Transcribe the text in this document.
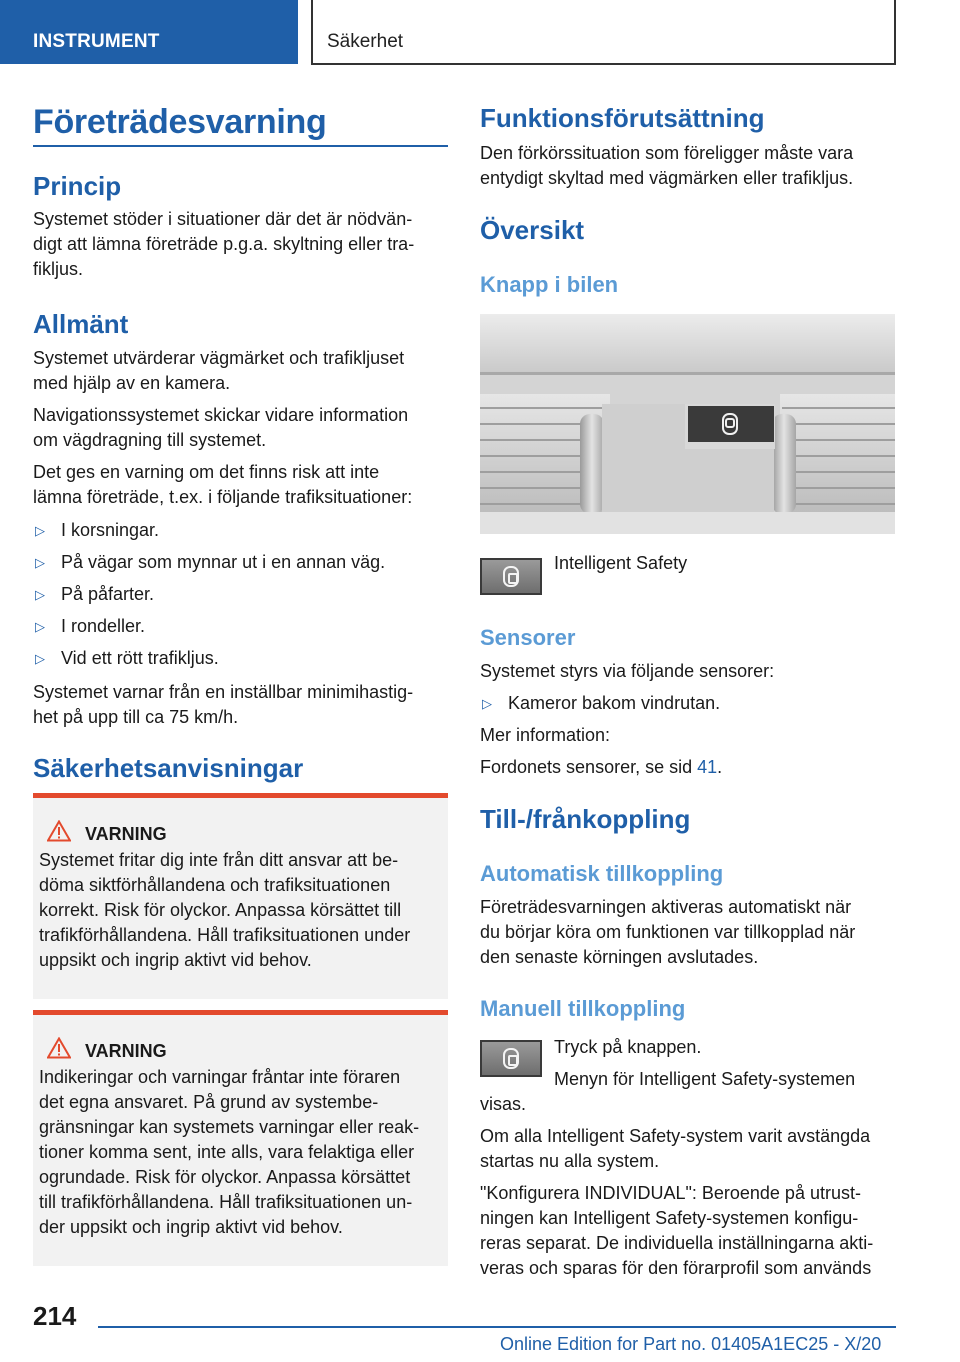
INSTRUMENT	Säkerhet
Företrädesvarning
Princip

Systemet stöder i situationer där det är nödvän‐

digt att lämna företräde p.g.a. skyltning eller tra‐

fikljus.

Allmänt

Systemet utvärderar vägmärket och trafikljuset

med hjälp av en kamera.

Navigationssystemet skickar vidare information

om vägdragning till systemet.

Det ges en varning om det finns risk att inte

lämna företräde, t.ex. i följande trafiksituationer:

▷ I korsningar.
▷ På vägar som mynnar ut i en annan väg.
▷ På påfarter.
▷ I rondeller.
▷ Vid ett rött trafikljus.

Systemet varnar från en inställbar minimihastig‐

het på upp till ca 75 km/h.

Säkerhetsanvisningar
VARNING

Systemet fritar dig inte från ditt ansvar att be‐

döma siktförhållandena och trafiksituationen

korrekt. Risk för olyckor. Anpassa körsättet till

trafikförhållandena. Håll trafiksituationen under

uppsikt och ingrip aktivt vid behov.

VARNING

Indikeringar och varningar fråntar inte föraren

det egna ansvaret. På grund av systembe‐

gränsningar kan systemets varningar eller reak‐

tioner komma sent, inte alls, vara felaktiga eller

ogrundade. Risk för olyckor. Anpassa körsättet

till trafikförhållandena. Håll trafiksituationen un‐

der uppsikt och ingrip aktivt vid behov.

Funktionsförutsättning

Den förkörssituation som föreligger måste vara

entydigt skyltad med vägmärken eller trafikljus.

Översikt
Knapp i bilen

Intelligent Safety

Sensorer

Systemet styrs via följande sensorer:

▷ Kameror bakom vindrutan.

Mer information:

Fordonets sensorer, se sid 41.

Till-/frånkoppling
Automatisk tillkoppling

Företrädesvarningen aktiveras automatiskt när

du börjar köra om funktionen var tillkopplad när

den senaste körningen avslutades.

Manuell tillkoppling

Tryck på knappen.

Menyn för Intelligent Safety-systemen

visas.

Om alla Intelligent Safety-system varit avstängda

startas nu alla system.

"Konfigurera INDIVIDUAL": Beroende på utrust‐

ningen kan Intelligent Safety-systemen konfigu‐

reras separat. De individuella inställningarna akti‐

veras och sparas för den förarprofil som används

214
Online Edition for Part no. 01405A1EC25 - X/20
